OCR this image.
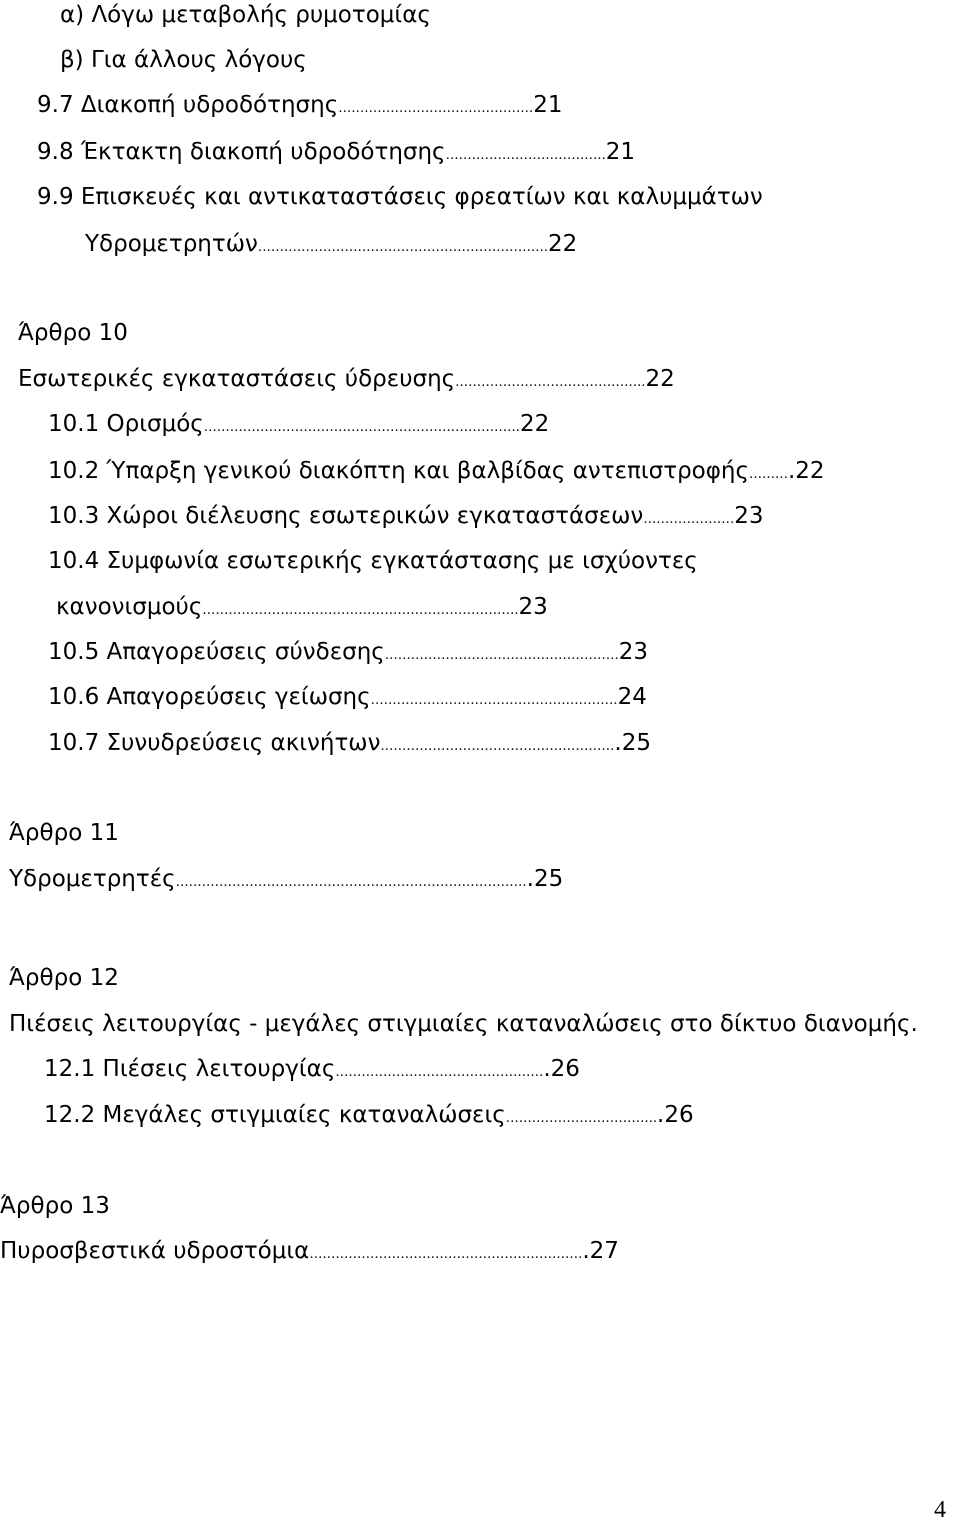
α) Λόγω μεταβολής ρυμοτομίας
β) Για άλλους λόγους
9.7 Διακοπή υδροδότησης………………………………………21
9.8 Έκτακτη διακοπή υδροδότησης……………………………….21
9.9 Επισκευές και αντικαταστάσεις φρεατίων και καλυμμάτων
Υδρομετρητών………………………………………………………….22
Άρθρο 10
Εσωτερικές εγκαταστάσεις ύδρευσης……………………………………..22
10.1 Ορισμός……………………………………………………………….22
10.2 Ύπαρξη γενικού διακόπτη και βαλβίδας αντεπιστροφής……….22
10.3 Χώροι διέλευσης εσωτερικών εγκαταστάσεων…………………23
10.4 Συμφωνία εσωτερικής εγκατάστασης με ισχύοντες
κανονισμούς……………………………………………………………….23
10.5 Απαγορεύσεις σύνδεσης………………………………………………23
10.6 Απαγορεύσεις γείωσης…………………………………………………24
10.7 Συνυδρεύσεις ακινήτων……………………………………………….25
Άρθρο 11
Υδρομετρητές……………………………………………………………………….25
Άρθρο 12
Πιέσεις λειτουργίας - μεγάλες στιγμιαίες καταναλώσεις στο δίκτυο διανομής.
12.1 Πιέσεις λειτουργίας………………………………………….26
12.2 Μεγάλες στιγμιαίες καταναλώσεις……………………………...26
Άρθρο 13
Πυροσβεστικά υδροστόμια……………………………………………………….27
4
